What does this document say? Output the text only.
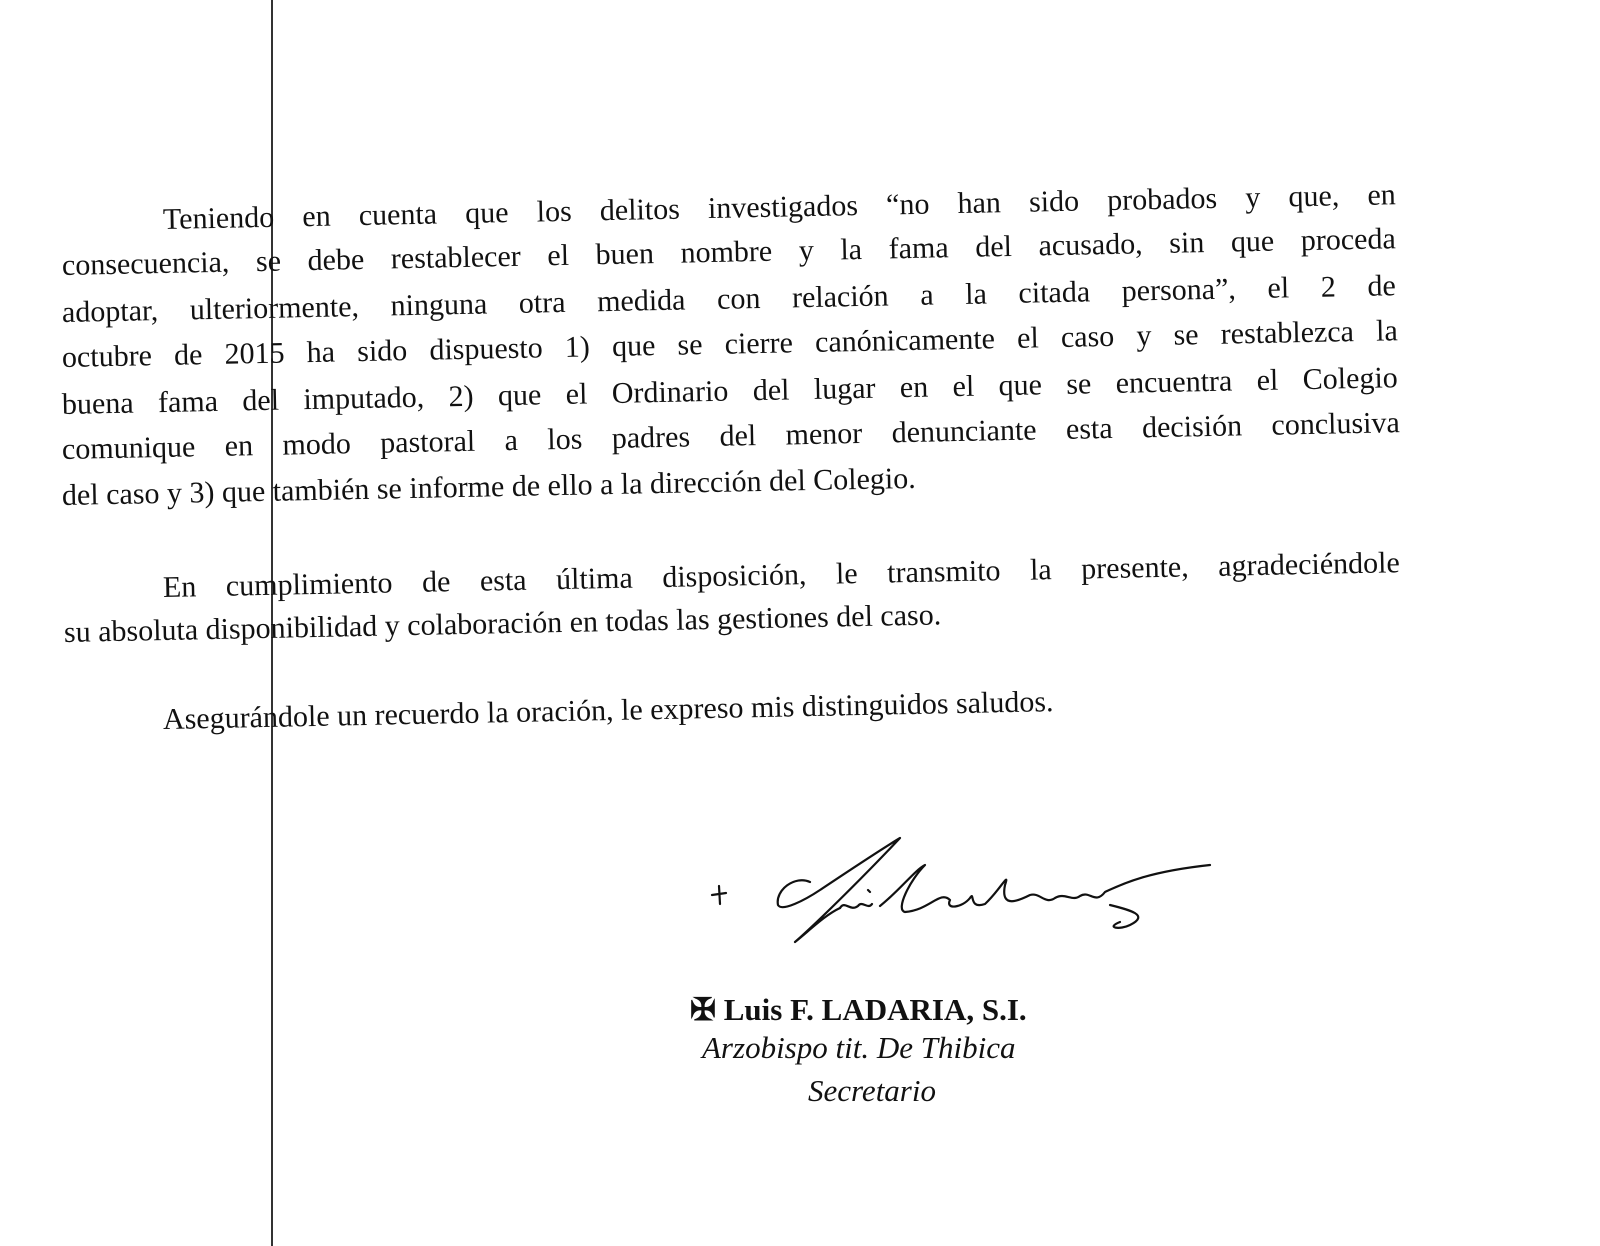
Teniendo en cuenta que los delitos investigados “no han sido probados y que, en
consecuencia, se debe restablecer el buen nombre y la fama del acusado, sin que proceda
adoptar, ulteriormente, ninguna otra medida con relación a la citada persona”, el 2 de
octubre de 2015 ha sido dispuesto 1) que se cierre canónicamente el caso y se restablezca la
buena fama del imputado, 2) que el Ordinario del lugar en el que se encuentra el Colegio
comunique en modo pastoral a los padres del menor denunciante esta decisión conclusiva
del caso y 3) que también se informe de ello a la dirección del Colegio.
En cumplimiento de esta última disposición, le transmito la presente, agradeciéndole
su absoluta disponibilidad y colaboración en todas las gestiones del caso.
Asegurándole un recuerdo la oración, le expreso mis distinguidos saludos.
✠ Luis F. LADARIA, S.I.
Arzobispo tit. De Thibica
Secretario
